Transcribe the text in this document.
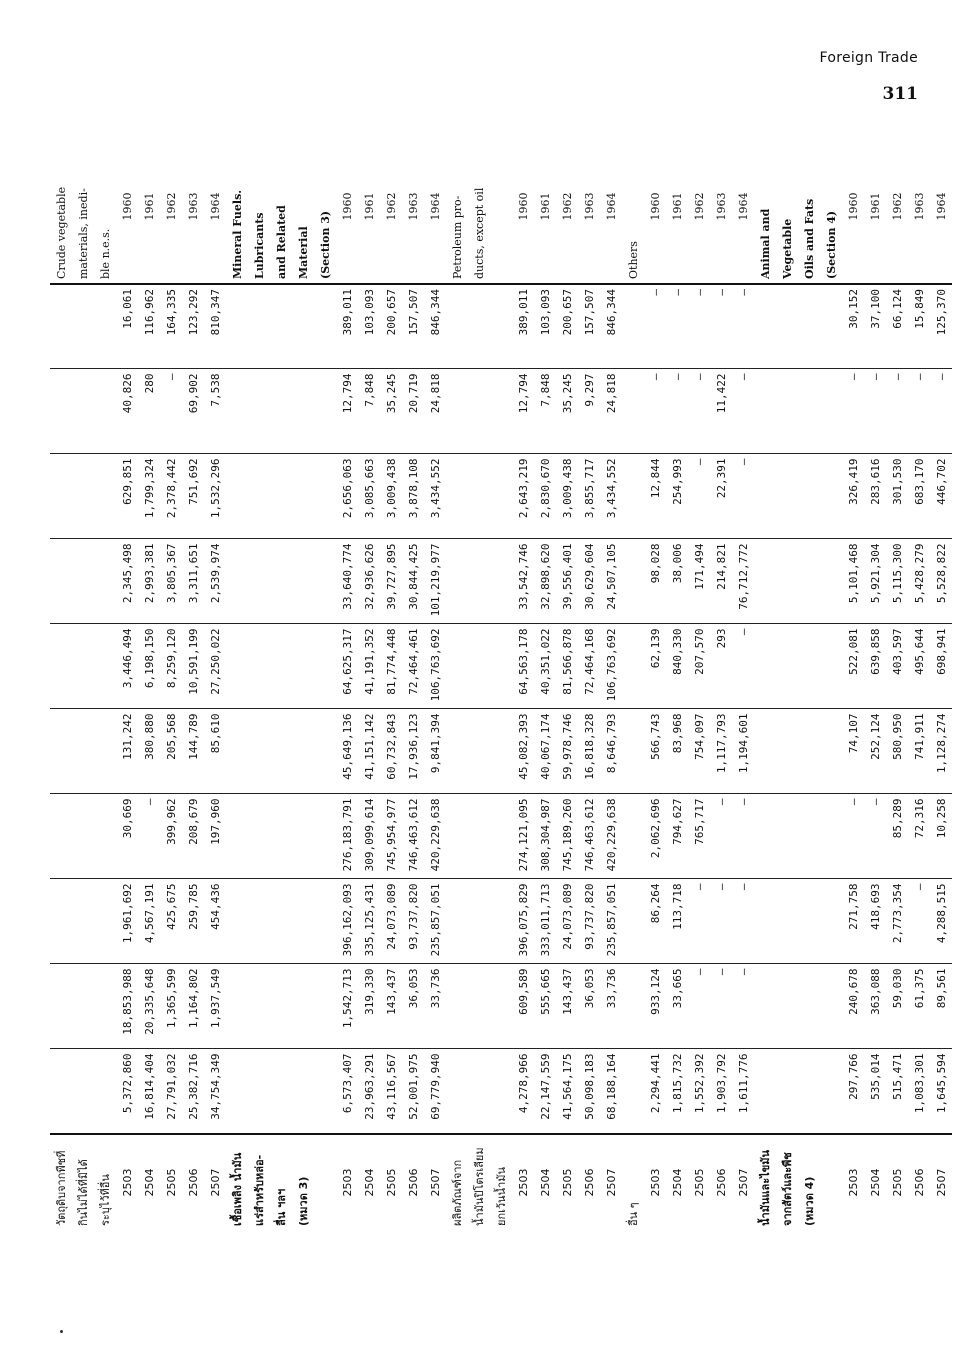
Foreign Trade
311
วัตถุดิบจากพืชที่											Crude vegetable
กินไม่ได้ที่มิได้											materials, inedi-
ระบุไว้ที่อื่น											ble n.e.s.
2503	5,372,860	18,853,988	1,961,692	30,669	131,242	3,446,494	2,345,498	629,851	40,826	16,061	1960
2504	16,814,404	20,335,648	4,567,191	—	380,880	6,198,150	2,993,381	1,799,324	280	116,962	1961
2505	27,791,032	1,365,599	425,675	399,962	205,568	8,259,120	3,805,367	2,378,442	—	164,335	1962
2506	25,382,716	1,164,802	259,785	208,679	144,789	10,591,199	3,311,651	751,692	69,902	123,292	1963
2507	34,754,349	1,937,549	454,436	197,960	85,610	27,250,022	2,539,974	1,532,296	7,538	810,347	1964
เชื้อเพลิง น้ำมัน											Mineral Fuels.
แร่สำหรับหล่อ-											Lubricants
ลื่น ฯลฯ											and Related
(หมวด 3)											Material
											(Section 3)
2503	6,573,407	1,542,713	396,162,093	276,183,791	45,649,136	64,625,317	33,640,774	2,656,063	12,794	389,011	1960
2504	23,963,291	319,330	335,125,431	309,099,614	41,151,142	41,191,352	32,936,626	3,085,663	7,848	103,093	1961
2505	43,116,567	143,437	24,073,089	745,954,977	60,732,843	81,774,448	39,727,895	3,009,438	35,245	200,657	1962
2506	52,001,975	36,053	93,737,820	746,463,612	17,936,123	72,464,461	30,844,425	3,878,108	20,719	157,507	1963
2507	69,779,940	33,736	235,857,051	420,229,638	9,841,394	106,763,692	101,219,977	3,434,552	24,818	846,344	1964
ผลิตภัณฑ์จาก											Petroleum pro-
น้ำมันปิโตรเลียม											ducts, except oil
ยกเว้นน้ำมัน											
2503	4,278,966	609,589	396,075,829	274,121,095	45,082,393	64,563,178	33,542,746	2,643,219	12,794	389,011	1960
2504	22,147,559	555,665	333,011,713	308,304,987	40,067,174	40,351,022	32,898,620	2,830,670	7,848	103,093	1961
2505	41,564,175	143,437	24,073,089	745,189,260	59,978,746	81,566,878	39,556,401	3,009,438	35,245	200,657	1962
2506	50,098,183	36,053	93,737,820	746,463,612	16,818,328	72,464,168	30,629,604	3,855,717	9,297	157,507	1963
2507	68,188,164	33,736	235,857,051	420,229,638	8,646,793	106,763,692	24,507,105	3,434,552	24,818	846,344	1964
อื่น ๆ											Others
2503	2,294,441	933,124	86,264	2,062,696	566,743	62,139	98,028	12,844	—	—	1960
2504	1,815,732	33,665	113,718	794,627	83,968	840,330	38,006	254,993	—	—	1961
2505	1,552,392	—	—	765,717	754,097	207,570	171,494	—	—	—	1962
2506	1,903,792	—	—	—	1,117,793	293	214,821	22,391	11,422	—	1963
2507	1,611,776	—	—	—	1,194,601	—	76,712,772	—	—	—	1964
น้ำมันและไขมัน											Animal and
จากสัตว์และพืช											Vegetable
(หมวด 4)											Oils and Fats
											(Section 4)
2503	297,766	240,678	271,758	—	74,107	522,081	5,101,468	326,419	—	30,152	1960
2504	535,014	363,088	418,693	—	252,124	639,858	5,921,304	283,616	—	37,100	1961
2505	515,471	59,030	2,773,354	85,289	580,950	403,597	5,115,300	301,530	—	66,124	1962
2506	1,083,301	61,375	—	72,316	741,911	495,644	5,428,279	683,170	—	15,849	1963
2507	1,645,594	89,561	4,288,515	10,258	1,128,274	698,941	5,528,822	446,702	—	125,370	1964
